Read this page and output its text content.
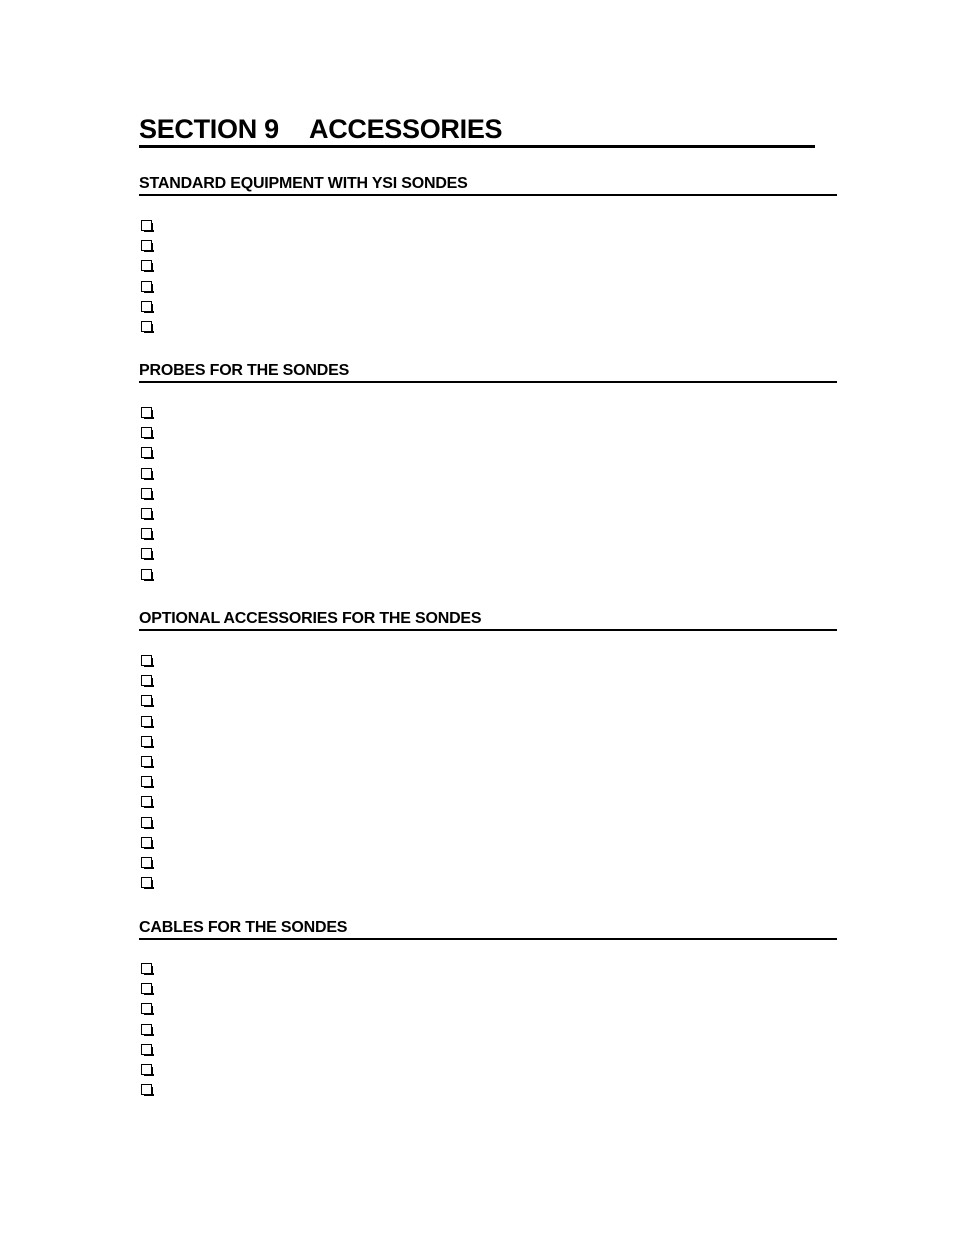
SECTION 9 ACCESSORIES
STANDARD EQUIPMENT WITH YSI SONDES
PROBES FOR THE SONDES
OPTIONAL ACCESSORIES FOR THE SONDES
CABLES FOR THE SONDES
